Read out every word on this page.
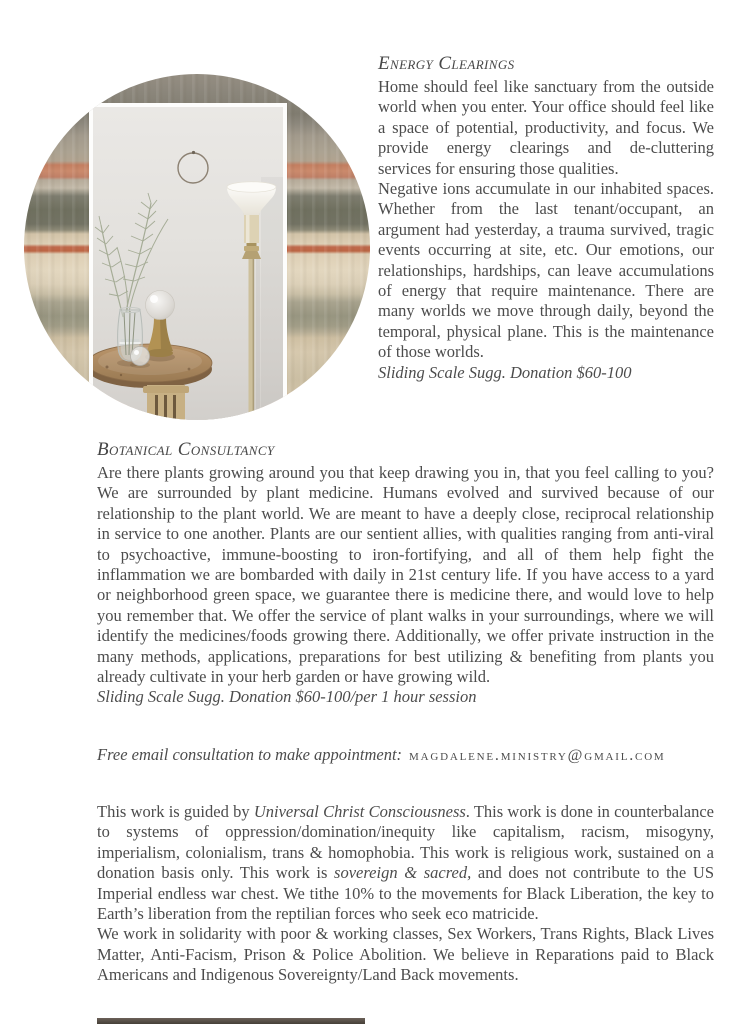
Energy Clearings

Home should feel like sanctuary from the outside world when you enter. Your office should feel like a space of potential, productivity, and focus. We provide energy clearings and de-cluttering services for ensuring those qualities.

Negative ions accumulate in our inhabited spaces. Whether from the last tenant/occupant, an argument had yesterday, a trauma survived, tragic events occurring at site, etc. Our emotions, our relationships, hardships, can leave accumulations of energy that require maintenance. There are many worlds we move through daily, beyond the temporal, physical plane. This is the maintenance of those worlds.

Sliding Scale Sugg. Donation $60-100

Botanical Consultancy

Are there plants growing around you that keep drawing you in, that you feel calling to you? We are surrounded by plant medicine. Humans evolved and survived because of our relationship to the plant world. We are meant to have a deeply close, reciprocal relationship in service to one another. Plants are our sentient allies, with qualities ranging from anti-viral to psychoactive, immune-boosting to iron-fortifying, and all of them help fight the inflammation we are bombarded with daily in 21st century life. If you have access to a yard or neighborhood green space, we guarantee there is medicine there, and would love to help you remember that. We offer the service of plant walks in your surroundings, where we will identify the medicines/foods growing there. Additionally, we offer private instruction in the many methods, applications, preparations for best utilizing & benefiting from plants you already cultivate in your herb garden or have growing wild.

Sliding Scale Sugg. Donation $60-100/per 1 hour session

Free email consultation to make appointment: magdalene.ministry@gmail.com

This work is guided by Universal Christ Consciousness. This work is done in counterbalance to systems of oppression/domination/inequity like capitalism, racism, misogyny, imperialism, colonialism, trans & homophobia. This work is religious work, sustained on a donation basis only. This work is sovereign & sacred, and does not contribute to the US Imperial endless war chest. We tithe 10% to the movements for Black Liberation, the key to Earth’s liberation from the reptilian forces who seek eco matricide.

We work in solidarity with poor & working classes, Sex Workers, Trans Rights, Black Lives Matter, Anti-Facism, Prison & Police Abolition. We believe in Reparations paid to Black Americans and Indigenous Sovereignty/Land Back movements.
